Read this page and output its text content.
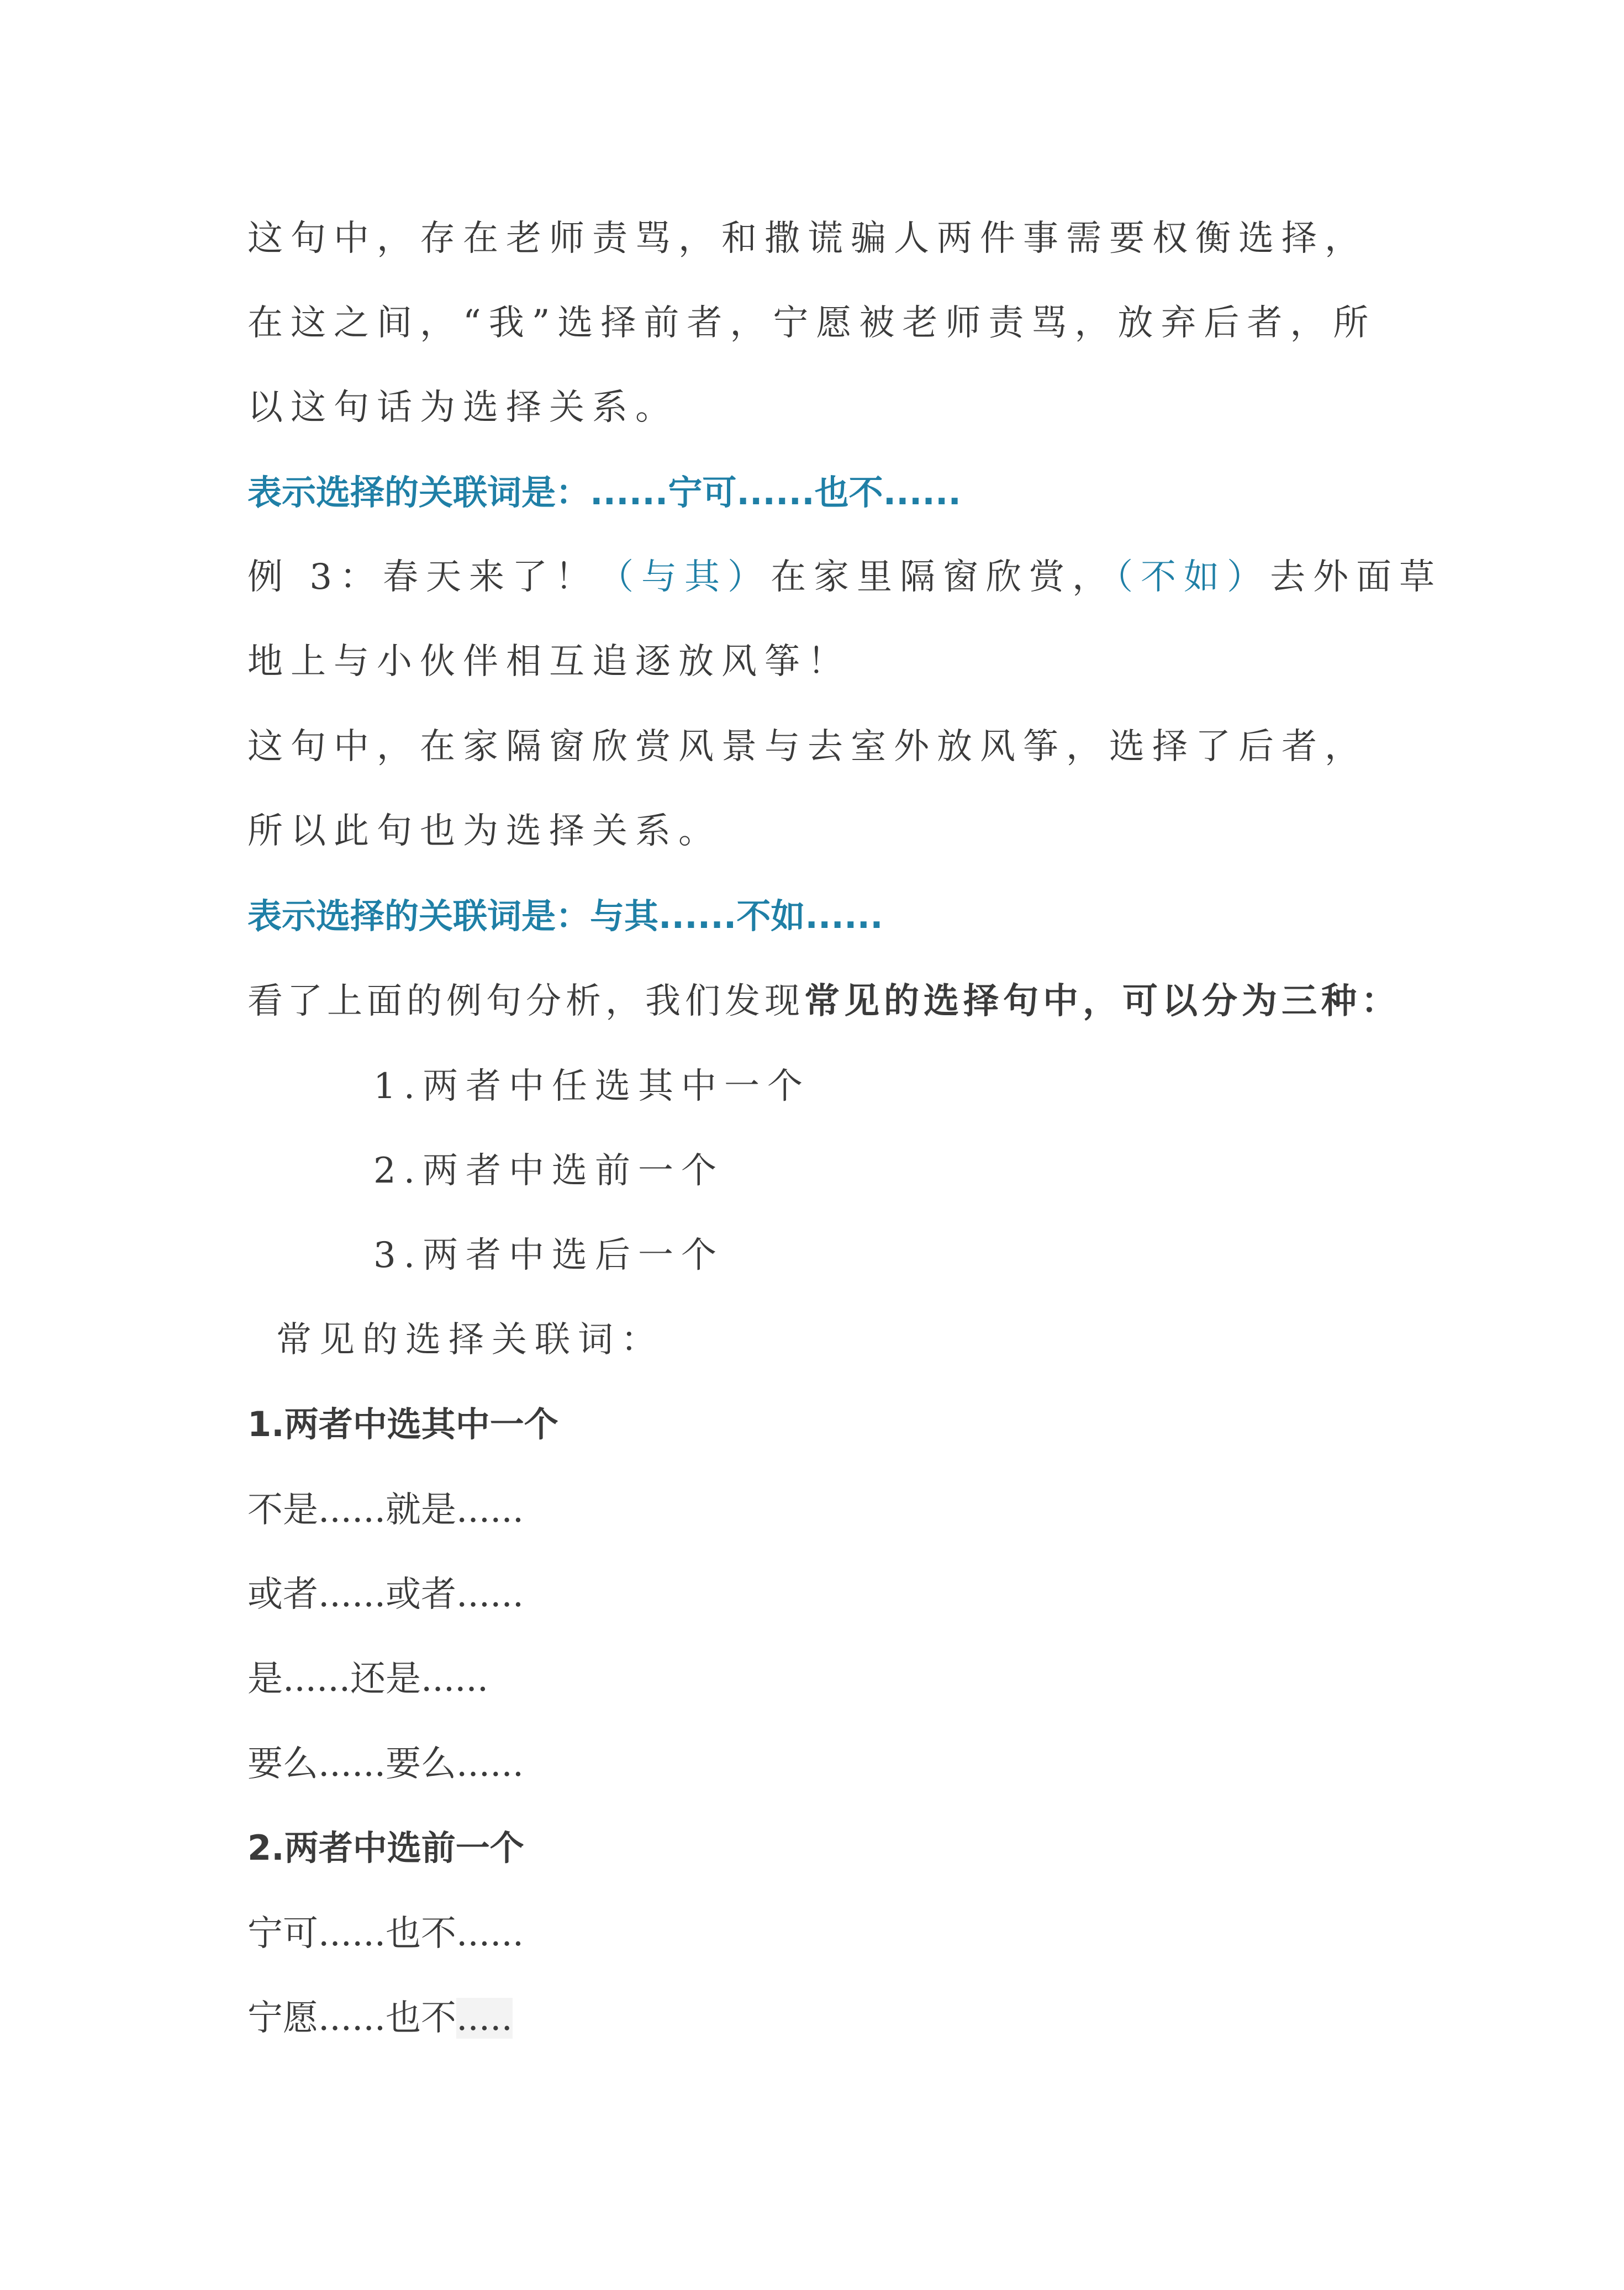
这句中，存在老师责骂，和撒谎骗人两件事需要权衡选择，
在这之间，“我”选择前者，宁愿被老师责骂，放弃后者，所
以这句话为选择关系。
表示选择的关联词是：......宁可......也不......
例 3：春天来了！（与其）在家里隔窗欣赏，（不如）去外面草
地上与小伙伴相互追逐放风筝！
这句中，在家隔窗欣赏风景与去室外放风筝，选择了后者，
所以此句也为选择关系。
表示选择的关联词是：与其......不如......
看了上面的例句分析，我们发现常见的选择句中，可以分为三种：
1.两者中任选其中一个
2.两者中选前一个
3.两者中选后一个
常见的选择关联词：
1.两者中选其中一个
不是......就是......
或者......或者......
是......还是......
要么......要么......
2.两者中选前一个
宁可......也不......
宁愿......也不.....
